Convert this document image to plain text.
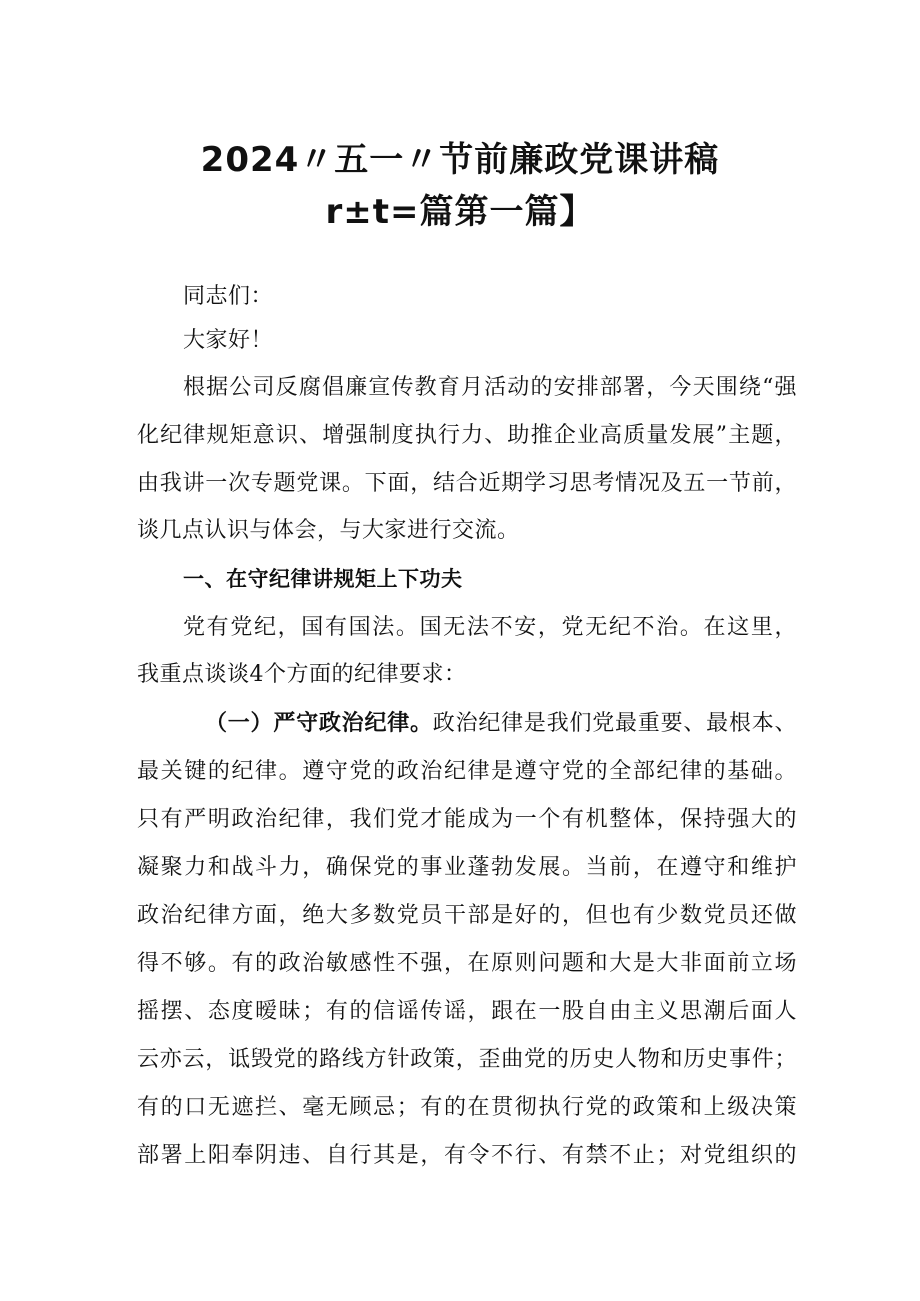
2024〃五一〃节前廉政党课讲稿
r±t=篇第一篇】
同志们：
大家好！
根据公司反腐倡廉宣传教育月活动的安排部署，今天围绕“强
化纪律规矩意识、增强制度执行力、助推企业高质量发展”主题，
由我讲一次专题党课。下面，结合近期学习思考情况及五一节前，
谈几点认识与体会，与大家进行交流。
一、在守纪律讲规矩上下功夫
党有党纪，国有国法。国无法不安，党无纪不治。在这里，
我重点谈谈4个方面的纪律要求：
（一）严守政治纪律。政治纪律是我们党最重要、最根本、
最关键的纪律。遵守党的政治纪律是遵守党的全部纪律的基础。
只有严明政治纪律，我们党才能成为一个有机整体，保持强大的
凝聚力和战斗力，确保党的事业蓬勃发展。当前，在遵守和维护
政治纪律方面，绝大多数党员干部是好的，但也有少数党员还做
得不够。有的政治敏感性不强，在原则问题和大是大非面前立场
摇摆、态度暧昧；有的信谣传谣，跟在一股自由主义思潮后面人
云亦云，诋毁党的路线方针政策，歪曲党的历史人物和历史事件；
有的口无遮拦、毫无顾忌；有的在贯彻执行党的政策和上级决策
部署上阳奉阴违、自行其是，有令不行、有禁不止；对党组织的
